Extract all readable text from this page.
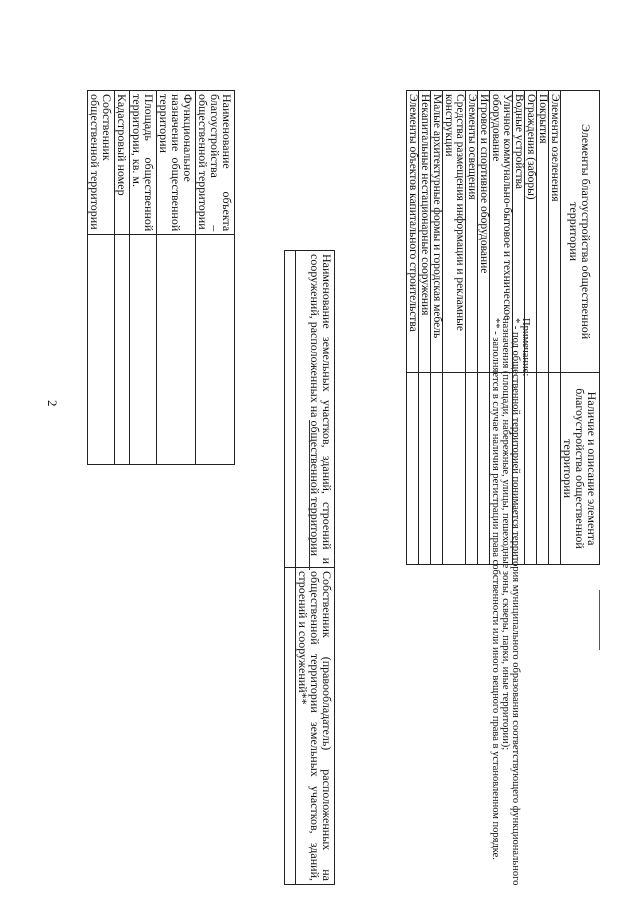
2
Наименование объекта благоустройства – общественной территории	
Функциональное назначение общественной территории	
Площадь общественной территории, кв. м.	
Кадастровый номер	
Собственник общественной территории	
Наименование земельных участков, зданий, строений и сооружений, расположенных на общественной территории	Собственник (правообладатель) расположенных на общественной территории земельных участков, зданий, строений и сооружений**

Примечание:

* - под общественной территорией понимается территория муниципального образования соответствующего функционального назначения (площади, набережные, улицы, пешеходные зоны, скверы, парки, иные территории);

** - заполняется в случае наличия регистрации права собственности или иного вещного права в установленном порядке.

Элементы благоустройства общественной территории	Наличие и описание элемента благоустройства общественной территории
Элементы озеленения	
Покрытия	
Ограждения (заборы)	
Водные устройства	
Уличное коммунально-бытовое и техническое оборудование	
Игровое и спортивное оборудование	
Элементы освещения	
Средства размещения информации и рекламные конструкции	
Малые архитектурные формы и городская мебель	
Некапитальные нестационарные сооружения	
Элементы объектов капитального строительства	
